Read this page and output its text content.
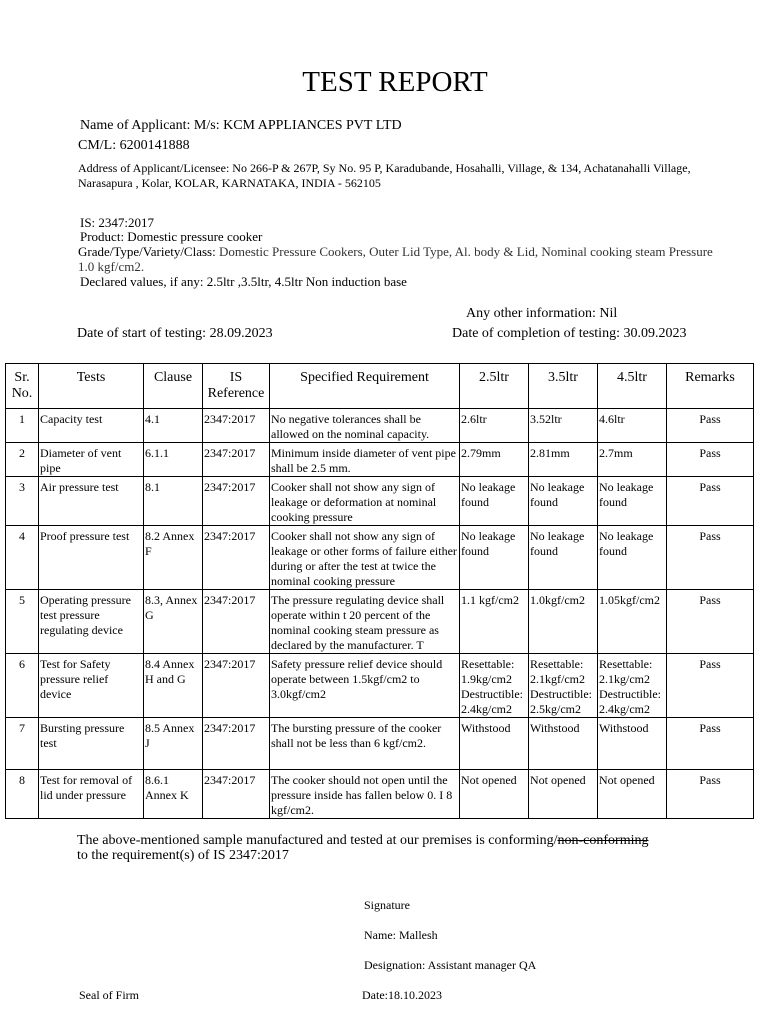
TEST REPORT
Name of Applicant: M/s: KCM APPLIANCES PVT LTD
CM/L: 6200141888
Address of Applicant/Licensee: No 266-P & 267P, Sy No. 95 P, Karadubande, Hosahalli, Village, & 134, Achatanahalli Village,
Narasapura , Kolar, KOLAR, KARNATAKA, INDIA - 562105
IS: 2347:2017
Product: Domestic pressure cooker
Grade/Type/Variety/Class: Domestic Pressure Cookers, Outer Lid Type, Al. body & Lid, Nominal cooking steam Pressure
1.0 kgf/cm2.
Declared values, if any: 2.5ltr ,3.5ltr, 4.5ltr Non induction base
Any other information: Nil
Date of start of testing: 28.09.2023	Date of completion of testing: 30.09.2023
Sr. No.	Tests	Clause	IS Reference	Specified Requirement	2.5ltr	3.5ltr	4.5ltr	Remarks
1	Capacity test	4.1	2347:2017	No negative tolerances shall be allowed on the nominal capacity.	2.6ltr	3.52ltr	4.6ltr	Pass
2	Diameter of vent pipe	6.1.1	2347:2017	Minimum inside diameter of vent pipe shall be 2.5 mm.	2.79mm	2.81mm	2.7mm	Pass
3	Air pressure test	8.1	2347:2017	Cooker shall not show any sign of leakage or deformation at nominal cooking pressure	No leakage found	No leakage found	No leakage found	Pass
4	Proof pressure test	8.2 Annex F	2347:2017	Cooker shall not show any sign of leakage or other forms of failure either during or after the test at twice the nominal cooking pressure	No leakage found	No leakage found	No leakage found	Pass
5	Operating pressure test pressure regulating device	8.3, Annex G	2347:2017	The pressure regulating device shall operate within t 20 percent of the nominal cooking steam pressure as declared by the manufacturer. T	1.1 kgf/cm2	1.0kgf/cm2	1.05kgf/cm2	Pass
6	Test for Safety pressure relief device	8.4 Annex H and G	2347:2017	Safety pressure relief device should operate between 1.5kgf/cm2 to 3.0kgf/cm2	Resettable: 1.9kg/cm2 Destructible: 2.4kg/cm2	Resettable: 2.1kgf/cm2 Destructible: 2.5kg/cm2	Resettable: 2.1kg/cm2 Destructible: 2.4kg/cm2	Pass
7	Bursting pressure test	8.5 Annex J	2347:2017	The bursting pressure of the cooker shall not be less than 6 kgf/cm2.	Withstood	Withstood	Withstood	Pass
8	Test for removal of lid under pressure	8.6.1 Annex K	2347:2017	The cooker should not open until the pressure inside has fallen below 0. I 8 kgf/cm2.	Not opened	Not opened	Not opened	Pass
The above-mentioned sample manufactured and tested at our premises is conforming/non-conforming
to the requirement(s) of IS 2347:2017
Signature
Name: Mallesh
Designation: Assistant manager QA
Seal of Firm	Date:18.10.2023
